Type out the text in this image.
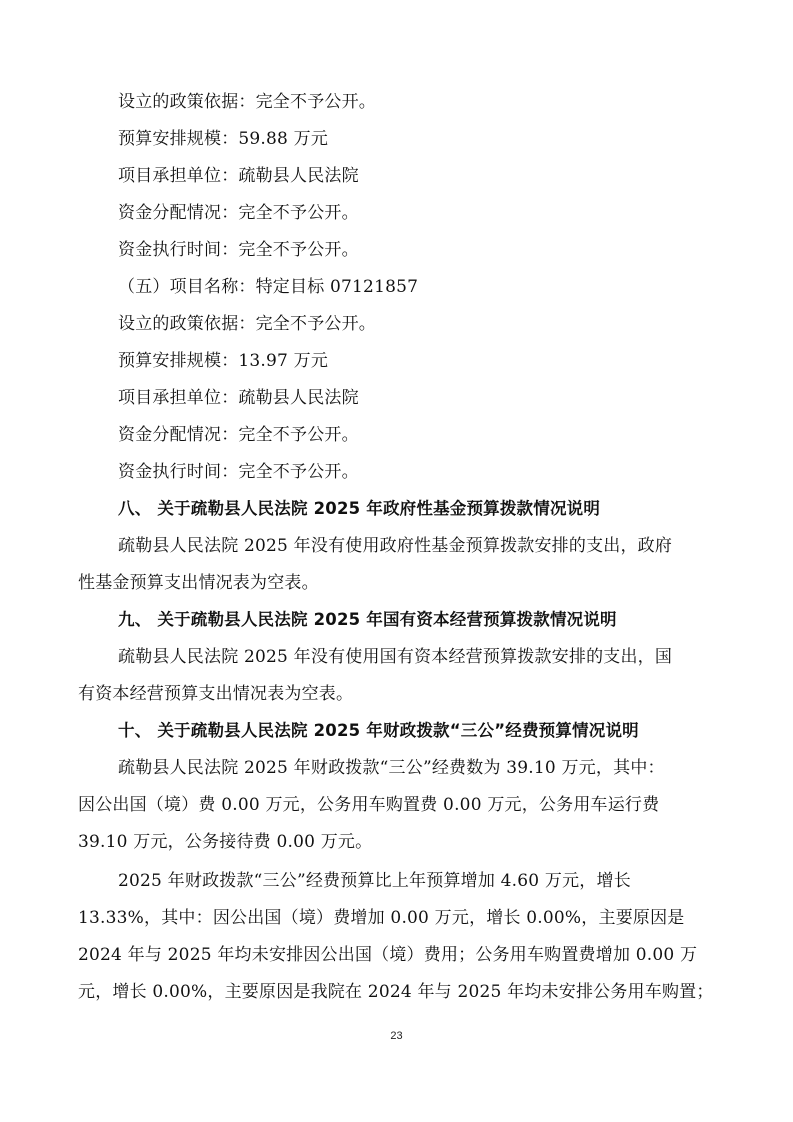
设立的政策依据：完全不予公开。
预算安排规模：59.88 万元
项目承担单位：疏勒县人民法院
资金分配情况：完全不予公开。
资金执行时间：完全不予公开。
（五）项目名称：特定目标 07121857
设立的政策依据：完全不予公开。
预算安排规模：13.97 万元
项目承担单位：疏勒县人民法院
资金分配情况：完全不予公开。
资金执行时间：完全不予公开。
八、 关于疏勒县人民法院 2025 年政府性基金预算拨款情况说明
疏勒县人民法院 2025 年没有使用政府性基金预算拨款安排的支出，政府
性基金预算支出情况表为空表。
九、 关于疏勒县人民法院 2025 年国有资本经营预算拨款情况说明
疏勒县人民法院 2025 年没有使用国有资本经营预算拨款安排的支出，国
有资本经营预算支出情况表为空表。
十、 关于疏勒县人民法院 2025 年财政拨款“三公”经费预算情况说明
疏勒县人民法院 2025 年财政拨款“三公”经费数为 39.10 万元，其中：
因公出国（境）费 0.00 万元，公务用车购置费 0.00 万元，公务用车运行费
39.10 万元，公务接待费 0.00 万元。
2025 年财政拨款“三公”经费预算比上年预算增加 4.60 万元，增长
13.33%，其中：因公出国（境）费增加 0.00 万元，增长 0.00%，主要原因是
2024 年与 2025 年均未安排因公出国（境）费用；公务用车购置费增加 0.00 万
元，增长 0.00%，主要原因是我院在 2024 年与 2025 年均未安排公务用车购置；
23
